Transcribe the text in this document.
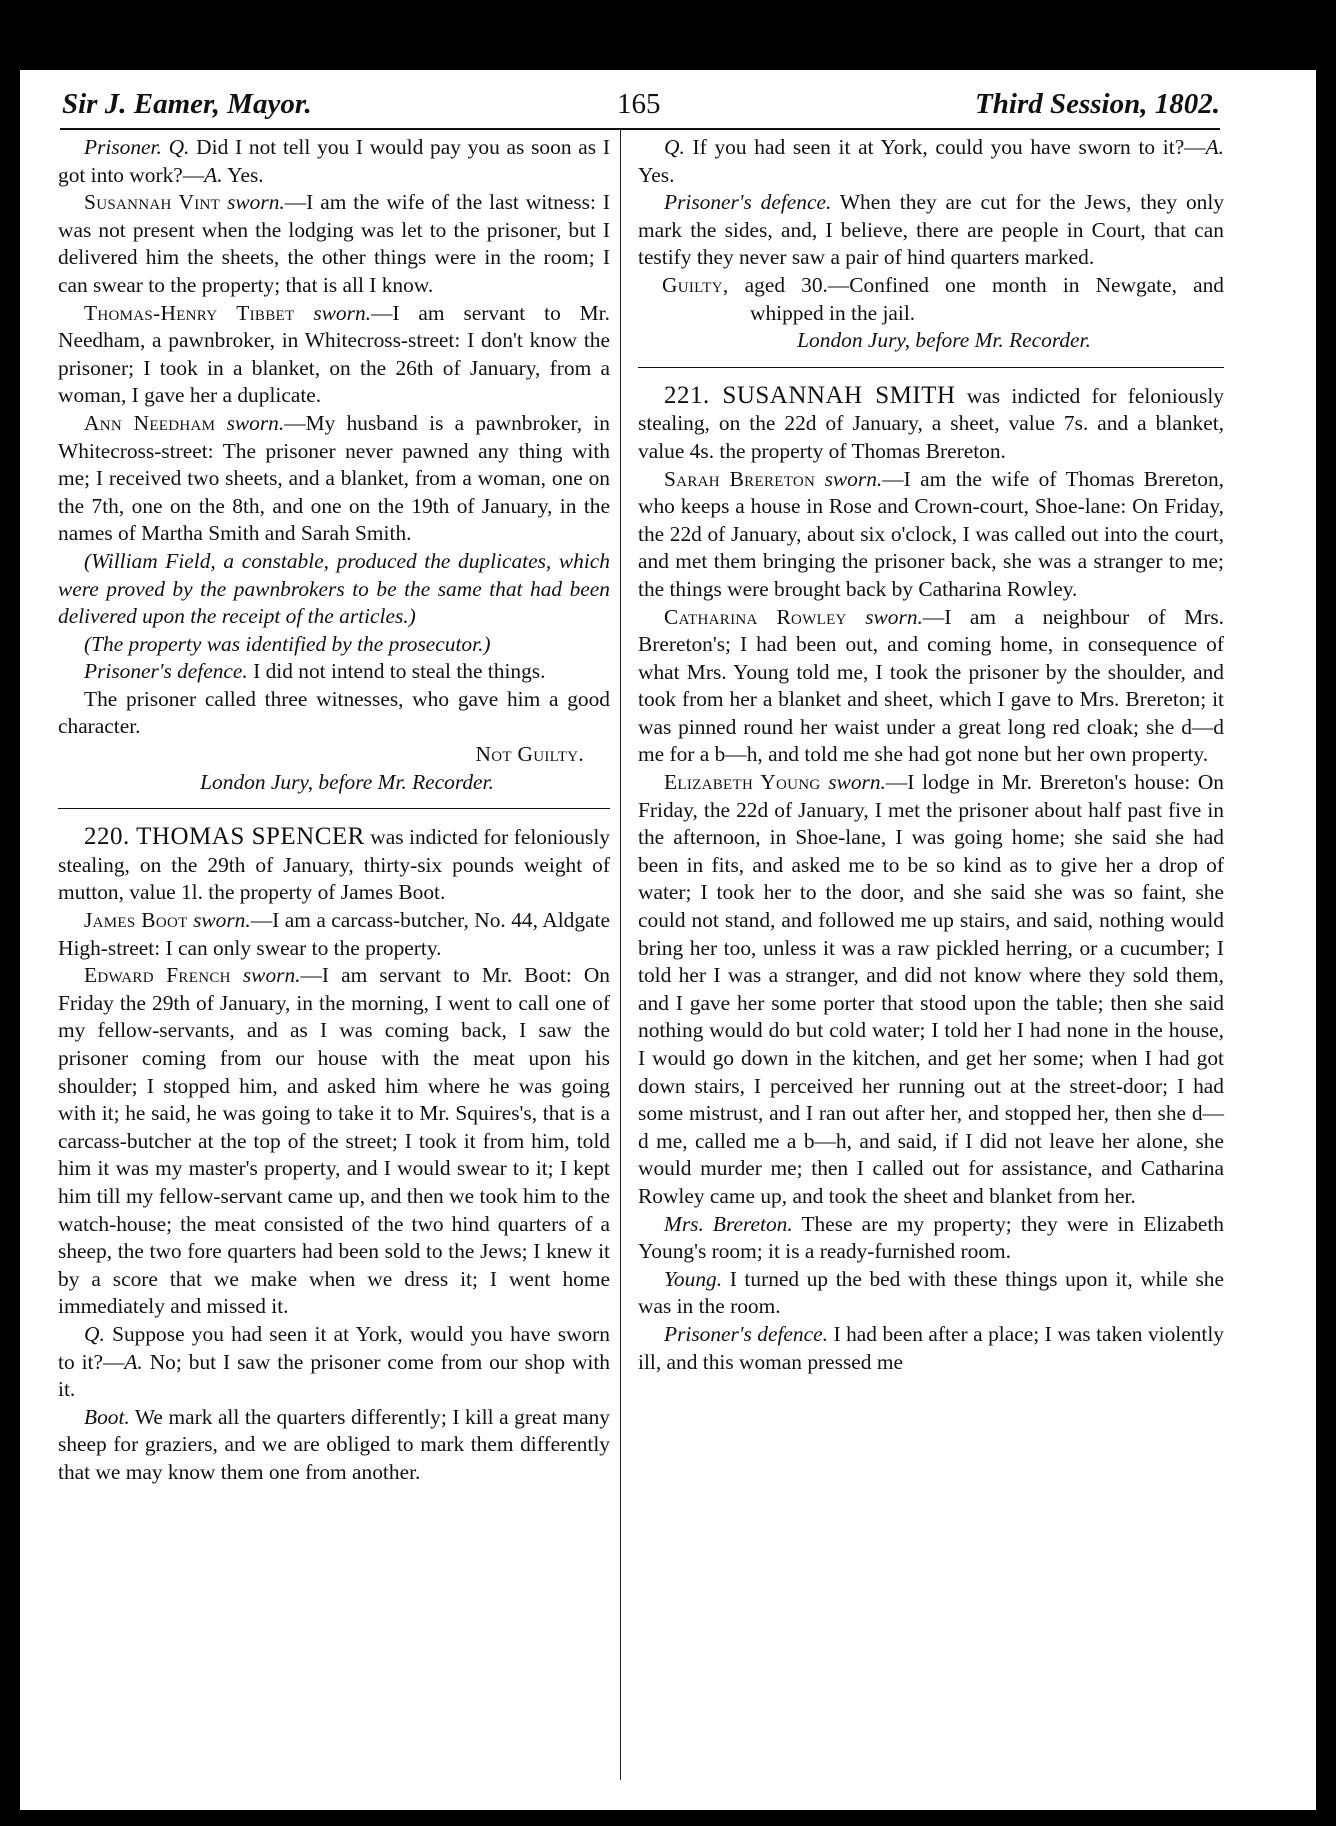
Sir J. Eamer, Mayor.	165	Third Session, 1802.

Prisoner. Q. Did I not tell you I would pay you as soon as I got into work?—A. Yes.

Susannah Vint sworn.—I am the wife of the last witness: I was not present when the lodging was let to the prisoner, but I delivered him the sheets, the other things were in the room; I can swear to the property; that is all I know.

Thomas-Henry Tibbet sworn.—I am servant to Mr. Needham, a pawnbroker, in Whitecross-street: I don't know the prisoner; I took in a blanket, on the 26th of January, from a woman, I gave her a duplicate.

Ann Needham sworn.—My husband is a pawnbroker, in Whitecross-street: The prisoner never pawned any thing with me; I received two sheets, and a blanket, from a woman, one on the 7th, one on the 8th, and one on the 19th of January, in the names of Martha Smith and Sarah Smith.

(William Field, a constable, produced the duplicates, which were proved by the pawnbrokers to be the same that had been delivered upon the receipt of the articles.)

(The property was identified by the prosecutor.)

Prisoner's defence. I did not intend to steal the things.

The prisoner called three witnesses, who gave him a good character.

Not Guilty.

London Jury, before Mr. Recorder.

220. THOMAS SPENCER was indicted for feloniously stealing, on the 29th of January, thirty-six pounds weight of mutton, value 1l. the property of James Boot.

James Boot sworn.—I am a carcass-butcher, No. 44, Aldgate High-street: I can only swear to the property.

Edward French sworn.—I am servant to Mr. Boot: On Friday the 29th of January, in the morning, I went to call one of my fellow-servants, and as I was coming back, I saw the prisoner coming from our house with the meat upon his shoulder; I stopped him, and asked him where he was going with it; he said, he was going to take it to Mr. Squires's, that is a carcass-butcher at the top of the street; I took it from him, told him it was my master's property, and I would swear to it; I kept him till my fellow-servant came up, and then we took him to the watch-house; the meat consisted of the two hind quarters of a sheep, the two fore quarters had been sold to the Jews; I knew it by a score that we make when we dress it; I went home immediately and missed it.

Q. Suppose you had seen it at York, would you have sworn to it?—A. No; but I saw the prisoner come from our shop with it.

Boot. We mark all the quarters differently; I kill a great many sheep for graziers, and we are obliged to mark them differently that we may know them one from another.

Q. If you had seen it at York, could you have sworn to it?—A. Yes.

Prisoner's defence. When they are cut for the Jews, they only mark the sides, and, I believe, there are people in Court, that can testify they never saw a pair of hind quarters marked.

Guilty, aged 30.—Confined one month in Newgate, and whipped in the jail.

London Jury, before Mr. Recorder.

221. SUSANNAH SMITH was indicted for feloniously stealing, on the 22d of January, a sheet, value 7s. and a blanket, value 4s. the property of Thomas Brereton.

Sarah Brereton sworn.—I am the wife of Thomas Brereton, who keeps a house in Rose and Crown-court, Shoe-lane: On Friday, the 22d of January, about six o'clock, I was called out into the court, and met them bringing the prisoner back, she was a stranger to me; the things were brought back by Catharina Rowley.

Catharina Rowley sworn.—I am a neighbour of Mrs. Brereton's; I had been out, and coming home, in consequence of what Mrs. Young told me, I took the prisoner by the shoulder, and took from her a blanket and sheet, which I gave to Mrs. Brereton; it was pinned round her waist under a great long red cloak; she d—d me for a b—h, and told me she had got none but her own property.

Elizabeth Young sworn.—I lodge in Mr. Brereton's house: On Friday, the 22d of January, I met the prisoner about half past five in the afternoon, in Shoe-lane, I was going home; she said she had been in fits, and asked me to be so kind as to give her a drop of water; I took her to the door, and she said she was so faint, she could not stand, and followed me up stairs, and said, nothing would bring her too, unless it was a raw pickled herring, or a cucumber; I told her I was a stranger, and did not know where they sold them, and I gave her some porter that stood upon the table; then she said nothing would do but cold water; I told her I had none in the house, I would go down in the kitchen, and get her some; when I had got down stairs, I perceived her running out at the street-door; I had some mistrust, and I ran out after her, and stopped her, then she d—d me, called me a b—h, and said, if I did not leave her alone, she would murder me; then I called out for assistance, and Catharina Rowley came up, and took the sheet and blanket from her.

Mrs. Brereton. These are my property; they were in Elizabeth Young's room; it is a ready-furnished room.

Young. I turned up the bed with these things upon it, while she was in the room.

Prisoner's defence. I had been after a place; I was taken violently ill, and this woman pressed me
